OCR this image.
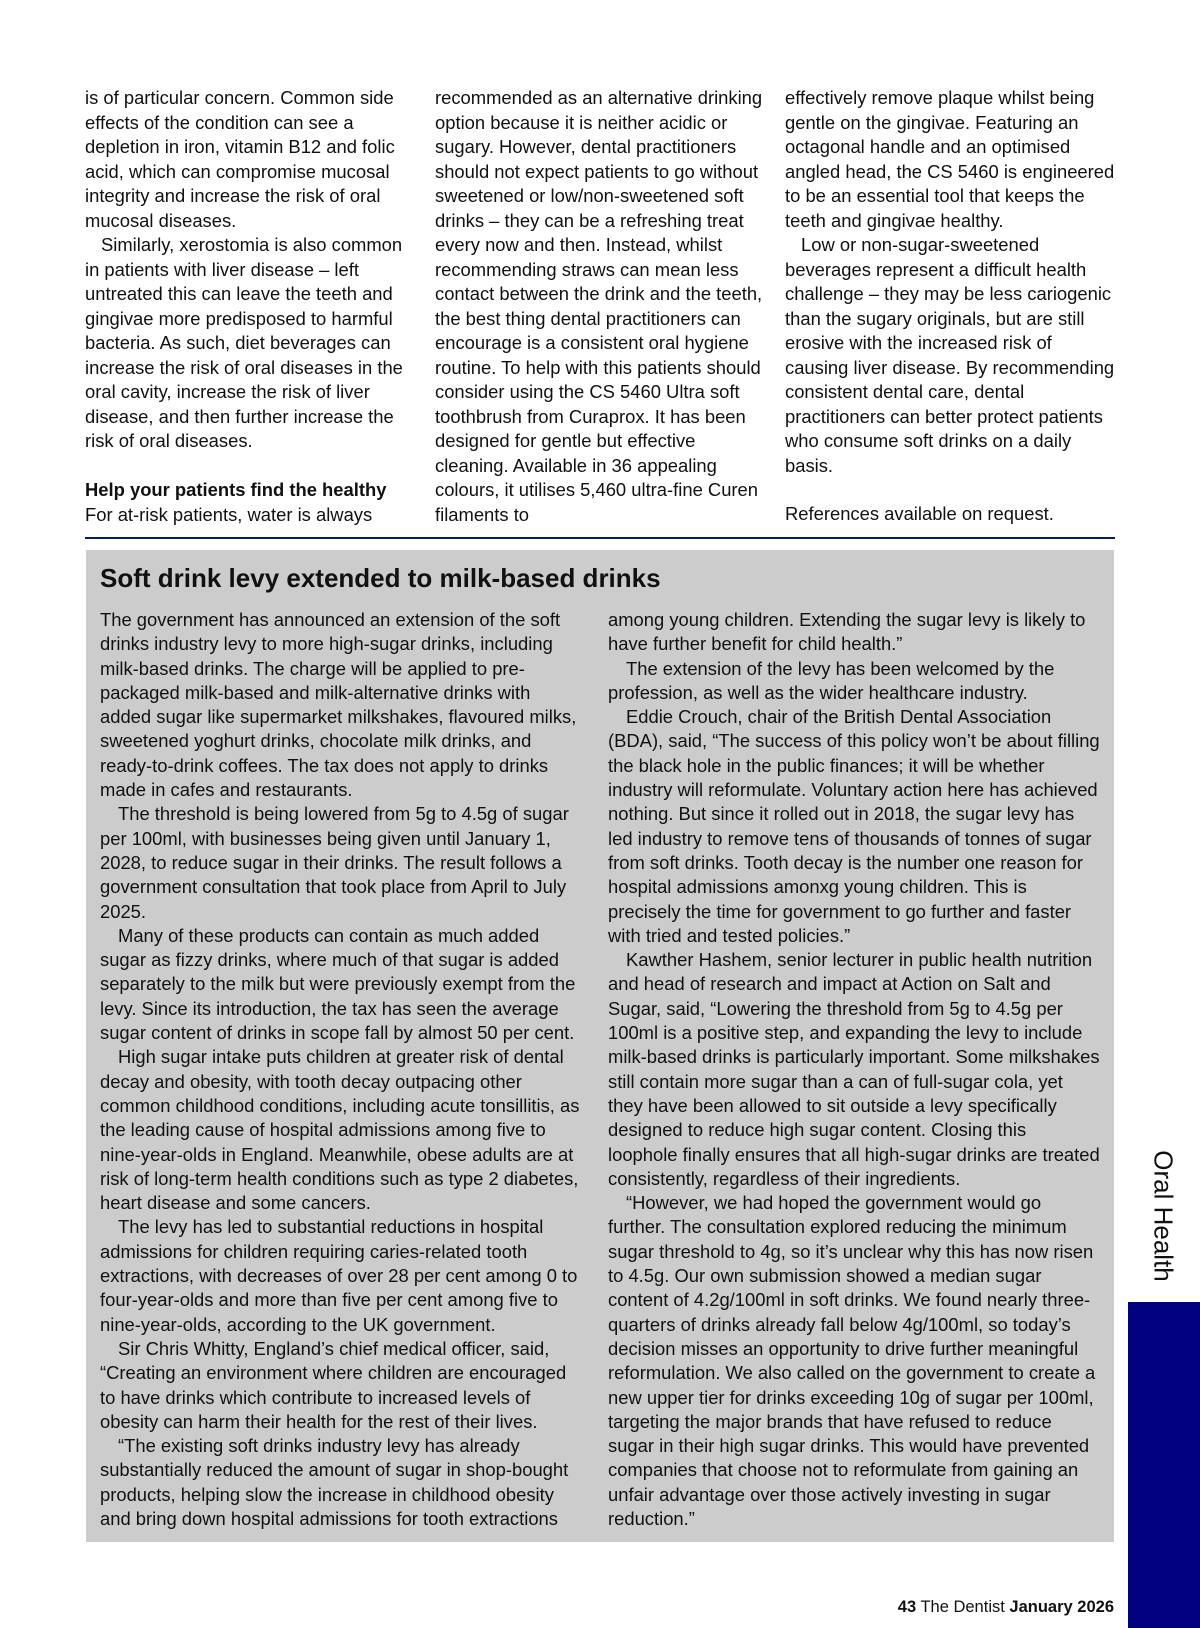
is of particular concern. Common side effects of the condition can see a depletion in iron, vitamin B12 and folic acid, which can compromise mucosal integrity and increase the risk of oral mucosal diseases.

Similarly, xerostomia is also common in patients with liver disease – left untreated this can leave the teeth and gingivae more predisposed to harmful bacteria. As such, diet beverages can increase the risk of oral diseases in the oral cavity, increase the risk of liver disease, and then further increase the risk of oral diseases.

Help your patients find the healthy

For at-risk patients, water is always

recommended as an alternative drinking option because it is neither acidic or sugary. However, dental practitioners should not expect patients to go without sweetened or low/non-sweetened soft drinks – they can be a refreshing treat every now and then. Instead, whilst recommending straws can mean less contact between the drink and the teeth, the best thing dental practitioners can encourage is a consistent oral hygiene routine. To help with this patients should consider using the CS 5460 Ultra soft toothbrush from Curaprox. It has been designed for gentle but effective cleaning. Available in 36 appealing colours, it utilises 5,460 ultra-fine Curen filaments to

effectively remove plaque whilst being gentle on the gingivae. Featuring an octagonal handle and an optimised angled head, the CS 5460 is engineered to be an essential tool that keeps the teeth and gingivae healthy.

Low or non-sugar-sweetened beverages represent a difficult health challenge – they may be less cariogenic than the sugary originals, but are still erosive with the increased risk of causing liver disease. By recommending consistent dental care, dental practitioners can better protect patients who consume soft drinks on a daily basis.

References available on request.

Soft drink levy extended to milk-based drinks

The government has announced an extension of the soft drinks industry levy to more high-sugar drinks, including milk-based drinks. The charge will be applied to pre-packaged milk-based and milk-alternative drinks with added sugar like supermarket milkshakes, flavoured milks, sweetened yoghurt drinks, chocolate milk drinks, and ready-to-drink coffees. The tax does not apply to drinks made in cafes and restaurants.

The threshold is being lowered from 5g to 4.5g of sugar per 100ml, with businesses being given until January 1, 2028, to reduce sugar in their drinks. The result follows a government consultation that took place from April to July 2025.

Many of these products can contain as much added sugar as fizzy drinks, where much of that sugar is added separately to the milk but were previously exempt from the levy. Since its introduction, the tax has seen the average sugar content of drinks in scope fall by almost 50 per cent.

High sugar intake puts children at greater risk of dental decay and obesity, with tooth decay outpacing other common childhood conditions, including acute tonsillitis, as the leading cause of hospital admissions among five to nine-year-olds in England. Meanwhile, obese adults are at risk of long-term health conditions such as type 2 diabetes, heart disease and some cancers.

The levy has led to substantial reductions in hospital admissions for children requiring caries-related tooth extractions, with decreases of over 28 per cent among 0 to four-year-olds and more than five per cent among five to nine-year-olds, according to the UK government.

Sir Chris Whitty, England’s chief medical officer, said, “Creating an environment where children are encouraged to have drinks which contribute to increased levels of obesity can harm their health for the rest of their lives.

“The existing soft drinks industry levy has already substantially reduced the amount of sugar in shop-bought products, helping slow the increase in childhood obesity and bring down hospital admissions for tooth extractions

among young children. Extending the sugar levy is likely to have further benefit for child health.”

The extension of the levy has been welcomed by the profession, as well as the wider healthcare industry.

Eddie Crouch, chair of the British Dental Association (BDA), said, “The success of this policy won’t be about filling the black hole in the public finances; it will be whether industry will reformulate. Voluntary action here has achieved nothing. But since it rolled out in 2018, the sugar levy has led industry to remove tens of thousands of tonnes of sugar from soft drinks. Tooth decay is the number one reason for hospital admissions amonxg young children. This is precisely the time for government to go further and faster with tried and tested policies.”

Kawther Hashem, senior lecturer in public health nutrition and head of research and impact at Action on Salt and Sugar, said, “Lowering the threshold from 5g to 4.5g per 100ml is a positive step, and expanding the levy to include milk-based drinks is particularly important. Some milkshakes still contain more sugar than a can of full-sugar cola, yet they have been allowed to sit outside a levy specifically designed to reduce high sugar content. Closing this loophole finally ensures that all high-sugar drinks are treated consistently, regardless of their ingredients.

“However, we had hoped the government would go further. The consultation explored reducing the minimum sugar threshold to 4g, so it’s unclear why this has now risen to 4.5g. Our own submission showed a median sugar content of 4.2g/100ml in soft drinks. We found nearly three-quarters of drinks already fall below 4g/100ml, so today’s decision misses an opportunity to drive further meaningful reformulation. We also called on the government to create a new upper tier for drinks exceeding 10g of sugar per 100ml, targeting the major brands that have refused to reduce sugar in their high sugar drinks. This would have prevented companies that choose not to reformulate from gaining an unfair advantage over those actively investing in sugar reduction.”

Oral Health
43 The Dentist January 2026
